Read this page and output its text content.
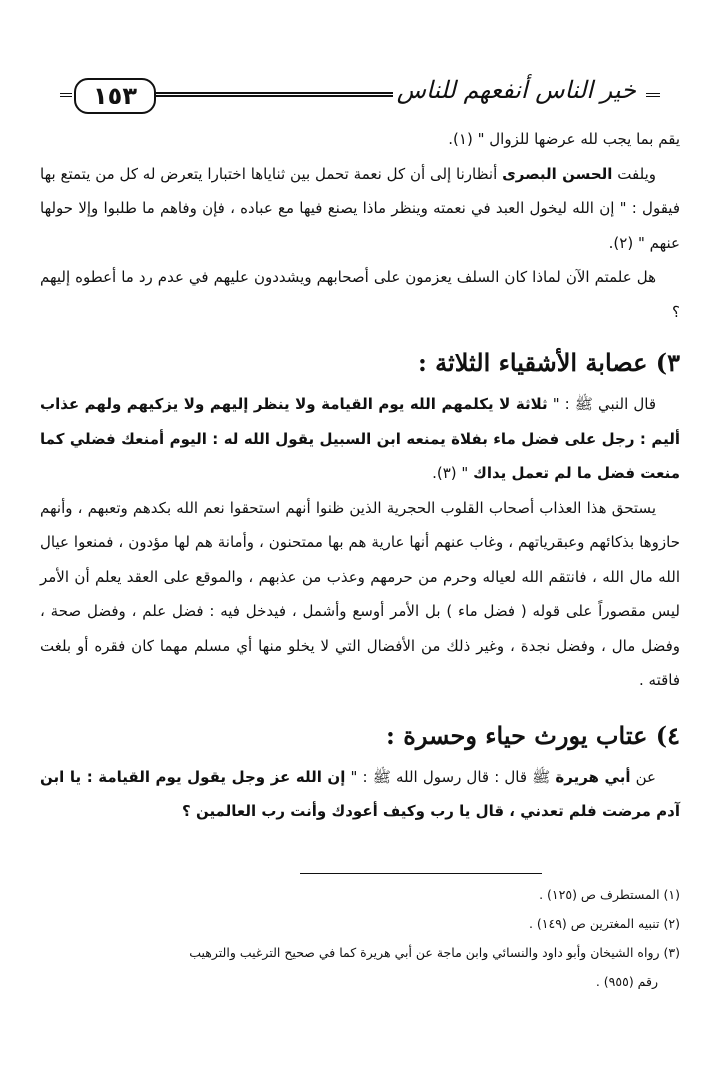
١٥٣	خير الناس أنفعهم للناس

يقم بما يجب لله عرضها للزوال " (١).

ويلفت الحسن البصرى أنظارنا إلى أن كل نعمة تحمل بين ثناياها اختبارا يتعرض له كل من يتمتع بها فيقول : " إن الله ليخول العبد في نعمته وينظر ماذا يصنع فيها مع عباده ، فإن وفاهم ما طلبوا وإلا حولها عنهم " (٢).

هل علمتم الآن لماذا كان السلف يعزمون على أصحابهم ويشددون عليهم في عدم رد ما أعطوه إليهم ؟

٣) عصابة الأشقياء الثلاثة :

قال النبي ﷺ : " ثلاثة لا يكلمهم الله يوم القيامة ولا ينظر إليهم ولا يزكيهم ولهم عذاب أليم : رجل على فضل ماء بفلاة يمنعه ابن السبيل يقول الله له : اليوم أمنعك فضلي كما منعت فضل ما لم تعمل يداك " (٣).

يستحق هذا العذاب أصحاب القلوب الحجرية الذين ظنوا أنهم استحقوا نعم الله بكدهم وتعبهم ، وأنهم حازوها بذكائهم وعبقرياتهم ، وغاب عنهم أنها عارية هم بها ممتحنون ، وأمانة هم لها مؤدون ، فمنعوا عيال الله مال الله ، فانتقم الله لعياله وحرم من حرمهم وعذب من عذبهم ، والموقع على العقد يعلم أن الأمر ليس مقصوراً على قوله ( فضل ماء ) بل الأمر أوسع وأشمل ، فيدخل فيه : فضل علم ، وفضل صحة ، وفضل مال ، وفضل نجدة ، وغير ذلك من الأفضال التي لا يخلو منها أي مسلم مهما كان فقره أو بلغت فاقته .

٤) عتاب يورث حياء وحسرة :

عن أبي هريرة ﷺ قال : قال رسول الله ﷺ : " إن الله عز وجل يقول يوم القيامة : يا ابن آدم مرضت فلم تعدني ، قال يا رب وكيف أعودك وأنت رب العالمين ؟

(١) المستطرف ص (١٢٥) .
(٢) تنبيه المغترين ص (١٤٩) .
(٣) رواه الشيخان وأبو داود والنسائي وابن ماجة عن أبي هريرة كما في صحيح الترغيب والترهيب
رقم (٩٥٥) .
